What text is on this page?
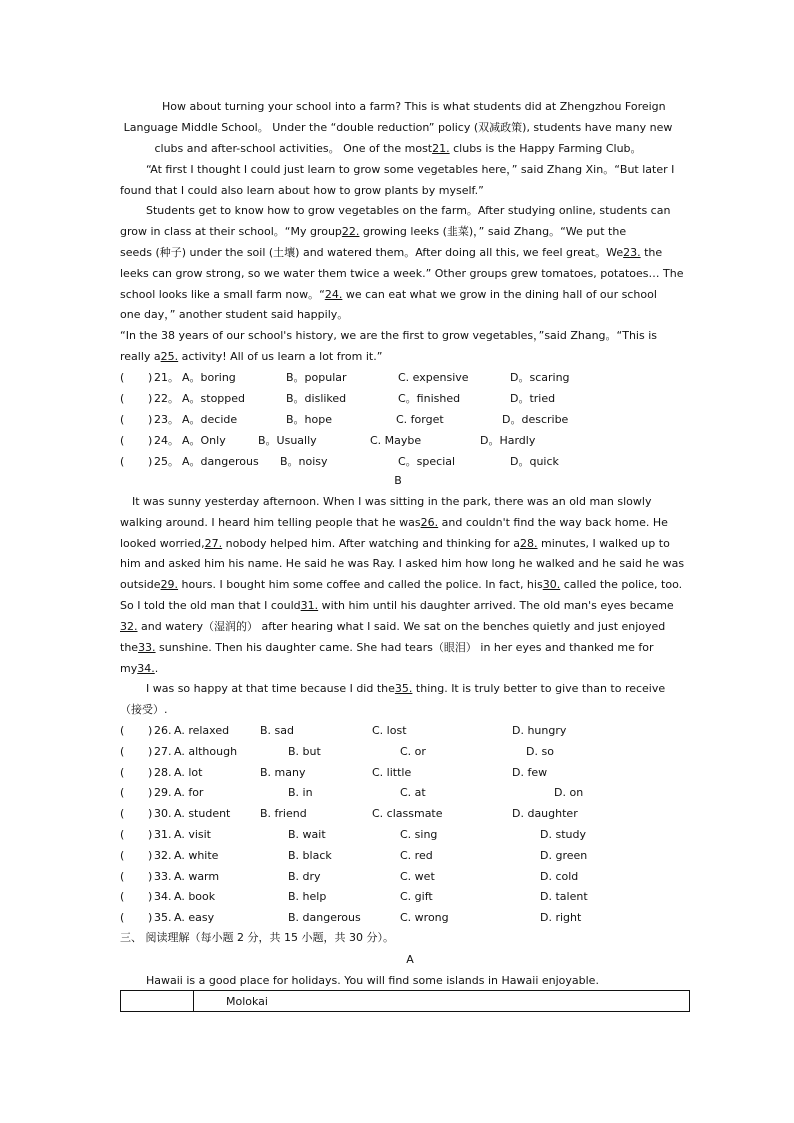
How about turning your school into a farm? This is what students did at Zhengzhou Foreign
Language Middle School。 Under the “double reduction” policy (双减政策), students have many new
clubs and after-school activities。 One of the most21. clubs is the Happy Farming Club。
“At first I thought I could just learn to grow some vegetables here，” said Zhang Xin。“But later I
found that I could also learn about how to grow plants by myself.”
Students get to know how to grow vegetables on the farm。After studying online, students can
grow in class at their school。“My group22. growing leeks (韭菜)，” said Zhang。“We put the
seeds (种子) under the soil (土壤) and watered them。After doing all this, we feel great。We23. the
leeks can grow strong, so we water them twice a week.” Other groups grew tomatoes, potatoes… The
school looks like a small farm now。“24. we can eat what we grow in the dining hall of our school
one day，” another student said happily。
“In the 38 years of our school's history, we are the first to grow vegetables，”said Zhang。“This is
really a25. activity! All of us learn a lot from it.”
( ) 21。 A。boring	B。popular	C. expensive	D。scaring
( ) 22。 A。stopped	B。disliked	C。finished	D。tried
( ) 23。 A。decide	B。hope	C. forget	D。describe
( ) 24。 A。Only	B。Usually	C. Maybe	D。Hardly
( ) 25。 A。dangerous B。noisy	C。special	D。quick
B
It was sunny yesterday afternoon. When I was sitting in the park, there was an old man slowly
walking around. I heard him telling people that he was26. and couldn't find the way back home. He
looked worried,27. nobody helped him. After watching and thinking for a28. minutes, I walked up to
him and asked him his name. He said he was Ray. I asked him how long he walked and he said he was
outside29. hours. I bought him some coffee and called the police. In fact, his30. called the police, too.
So I told the old man that I could31. with him until his daughter arrived. The old man's eyes became
32. and watery（湿润的） after hearing what I said. We sat on the benches quietly and just enjoyed
the33. sunshine. Then his daughter came. She had tears（眼泪） in her eyes and thanked me for
my34..
I was so happy at that time because I did the35. thing. It is truly better to give than to receive
（接受）.
( ) 26. A. relaxed	B. sad	C. lost	D. hungry
( ) 27. A. although	B. but	C. or	D. so
( ) 28. A. lot	B. many	C. little	D. few
( ) 29. A. for	B. in	C. at	D. on
( ) 30. A. student	B. friend	C. classmate	D. daughter
( ) 31. A. visit	B. wait	C. sing	D. study
( ) 32. A. white	B. black	C. red	D. green
( ) 33. A. warm	B. dry	C. wet	D. cold
( ) 34. A. book	B. help	C. gift	D. talent
( ) 35. A. easy	B. dangerous	C. wrong	D. right
三、 阅读理解（每小题 2 分，共 15 小题，共 30 分）。
A
Hawaii is a good place for holidays. You will find some islands in Hawaii enjoyable.
	Molokai
